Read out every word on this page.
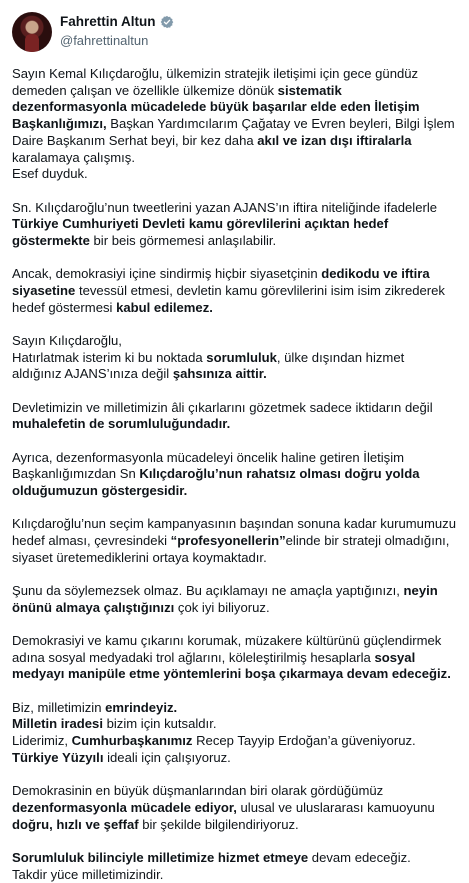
Fahrettin Altun
@fahrettinaltun

Sayın Kemal Kılıçdaroğlu, ülkemizin stratejik iletişimi için gece gündüz demeden çalışan ve özellikle ülkemize dönük sistematik dezenformasyonla mücadelede büyük başarılar elde eden İletişim Başkanlığımızı, Başkan Yardımcılarım Çağatay ve Evren beyleri, Bilgi İşlem Daire Başkanım Serhat beyi, bir kez daha akıl ve izan dışı iftiralarla karalamaya çalışmış.
Esef duyduk.

Sn. Kılıçdaroğlu’nun tweetlerini yazan AJANS’ın iftira niteliğinde ifadelerle Türkiye Cumhuriyeti Devleti kamu görevlilerini açıktan hedef göstermekte bir beis görmemesi anlaşılabilir.

Ancak, demokrasiyi içine sindirmiş hiçbir siyasetçinin dedikodu ve iftira siyasetine tevessül etmesi, devletin kamu görevlilerini isim isim zikrederek hedef göstermesi kabul edilemez.

Sayın Kılıçdaroğlu,
Hatırlatmak isterim ki bu noktada sorumluluk, ülke dışından hizmet aldığınız AJANS’ınıza değil şahsınıza aittir.

Devletimizin ve milletimizin âli çıkarlarını gözetmek sadece iktidarın değil muhalefetin de sorumluluğundadır.

Ayrıca, dezenformasyonla mücadeleyi öncelik haline getiren İletişim Başkanlığımızdan Sn Kılıçdaroğlu’nun rahatsız olması doğru yolda olduğumuzun göstergesidir.

Kılıçdaroğlu’nun seçim kampanyasının başından sonuna kadar kurumumuzu hedef alması, çevresindeki “profesyonellerin”elinde bir strateji olmadığını, siyaset üretemediklerini ortaya koymaktadır.

Şunu da söylemezsek olmaz. Bu açıklamayı ne amaçla yaptığınızı, neyin önünü almaya çalıştığınızı çok iyi biliyoruz.

Demokrasiyi ve kamu çıkarını korumak, müzakere kültürünü güçlendirmek adına sosyal medyadaki trol ağlarını, köleleştirilmiş hesaplarla sosyal medyayı manipüle etme yöntemlerini boşa çıkarmaya devam edeceğiz.

Biz, milletimizin emrindeyiz.
Milletin iradesi bizim için kutsaldır.
Liderimiz, Cumhurbaşkanımız Recep Tayyip Erdoğan’a güveniyoruz.
Türkiye Yüzyılı ideali için çalışıyoruz.

Demokrasinin en büyük düşmanlarından biri olarak gördüğümüz dezenformasyonla mücadele ediyor, ulusal ve uluslararası kamuoyunu doğru, hızlı ve şeffaf bir şekilde bilgilendiriyoruz.

Sorumluluk bilinciyle milletimize hizmet etmeye devam edeceğiz.
Takdir yüce milletimizindir.
